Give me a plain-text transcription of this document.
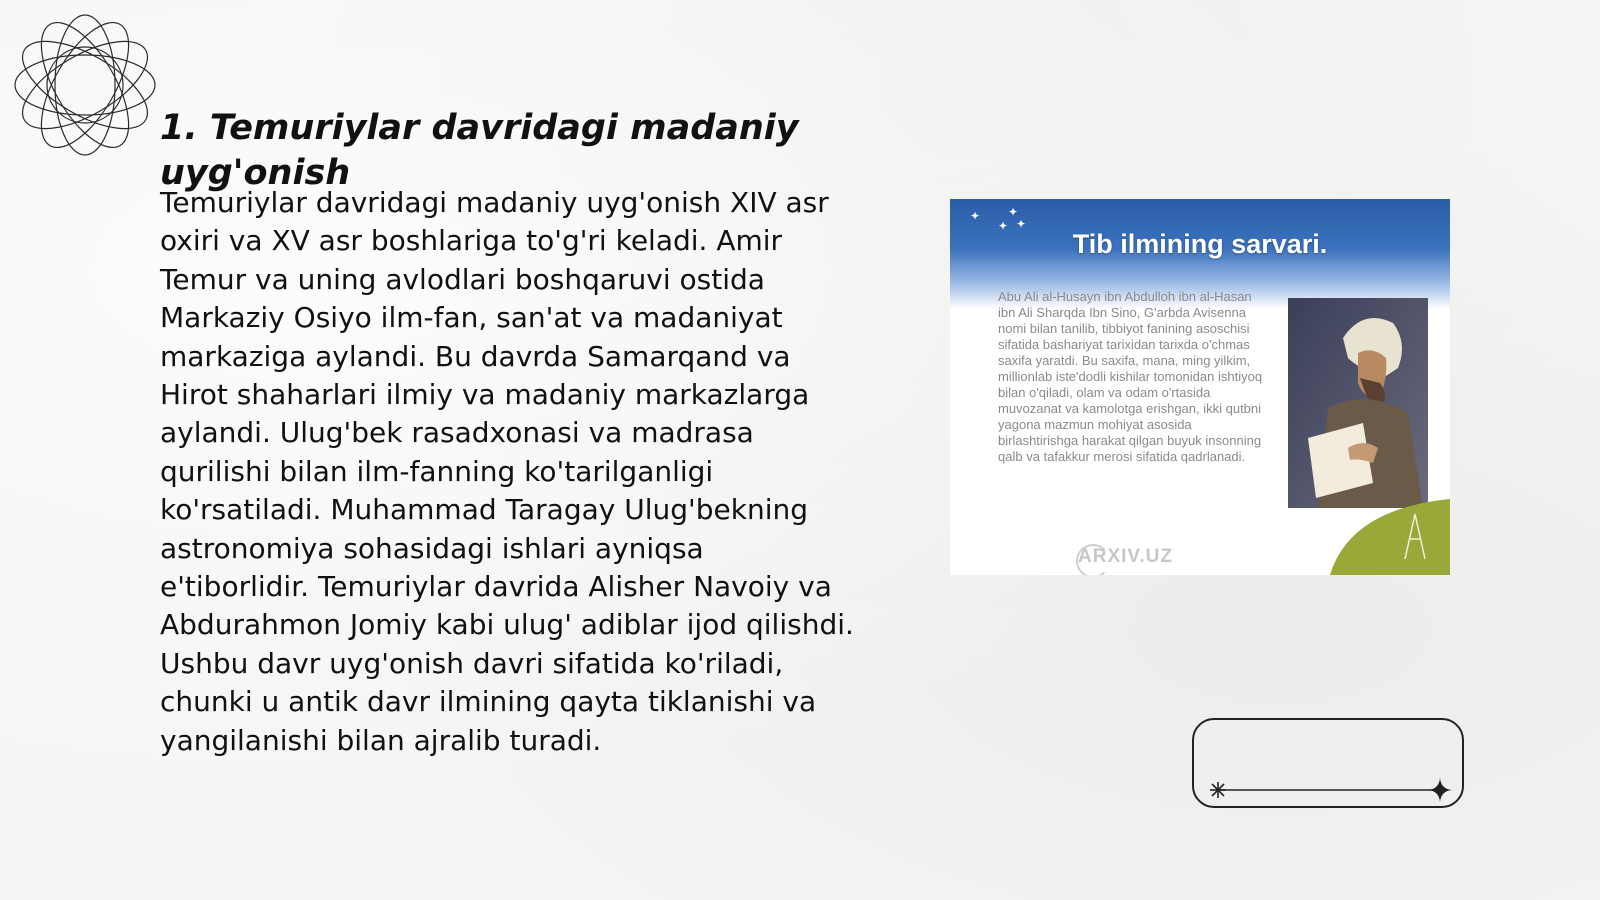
1. Temuriylar davridagi madaniy uyg'onish

Temuriylar davridagi madaniy uyg'onish XIV asr oxiri va XV asr boshlariga to'g'ri keladi. Amir Temur va uning avlodlari boshqaruvi ostida Markaziy Osiyo ilm-fan, san'at va madaniyat markaziga aylandi. Bu davrda Samarqand va Hirot shaharlari ilmiy va madaniy markazlarga aylandi. Ulug'bek rasadxonasi va madrasa qurilishi bilan ilm-fanning ko'tarilganligi ko'rsatiladi. Muhammad Taragay Ulug'bekning astronomiya sohasidagi ishlari ayniqsa e'tiborlidir. Temuriylar davrida Alisher Navoiy va Abdurahmon Jomiy kabi ulug' adiblar ijod qilishdi. Ushbu davr uyg'onish davri sifatida ko'riladi, chunki u antik davr ilmining qayta tiklanishi va yangilanishi bilan ajralib turadi.

✦ ✦
✦ ✦
Tib ilmining sarvari.

Abu Ali al-Husayn ibn Abdulloh ibn al-Hasan ibn Ali Sharqda Ibn Sino, G'arbda Avisenna nomi bilan tanilib, tibbiyot fanining asoschisi sifatida bashariyat tarixidan tarixda o'chmas saxifa yaratdi. Bu saxifa, mana, ming yilkim, millionlab iste'dodli kishilar tomonidan ishtiyoq bilan o'qiladi, olam va odam o'rtasida muvozanat va kamolotga erishgan, ikki qutbni yagona mazmun mohiyat asosida birlashtirishga harakat qilgan buyuk insonning qalb va tafakkur merosi sifatida qadrlanadi.

ARXIV.UZ
